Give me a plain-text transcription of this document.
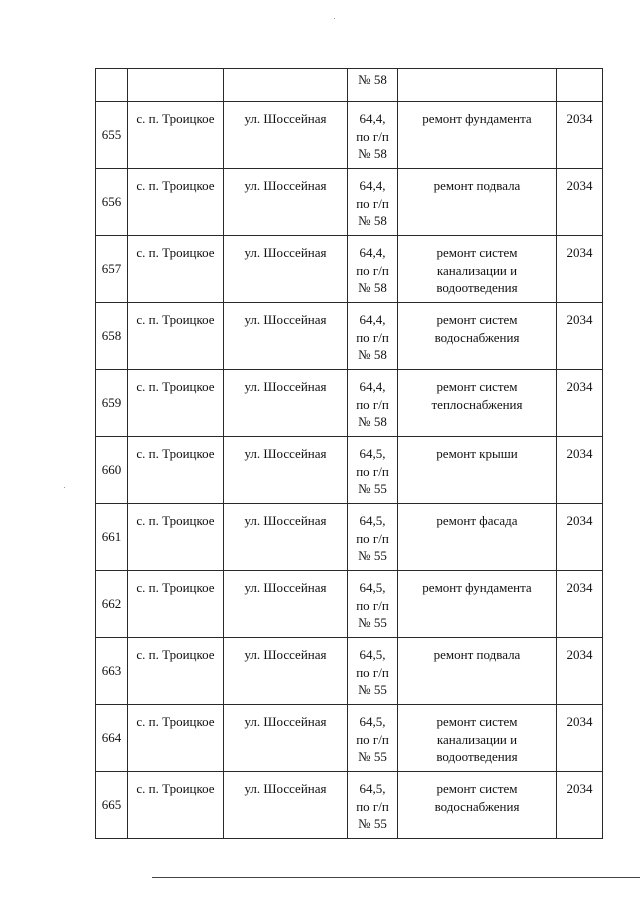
			№ 58		

655	с. п. Троицкое	ул. Шоссейная	64,4,
по г/п
№ 58	ремонт фундамента	2034

656	с. п. Троицкое	ул. Шоссейная	64,4,
по г/п
№ 58	ремонт подвала	2034

657	с. п. Троицкое	ул. Шоссейная	64,4,
по г/п
№ 58	ремонт систем
канализации и
водоотведения	2034

658	с. п. Троицкое	ул. Шоссейная	64,4,
по г/п
№ 58	ремонт систем
водоснабжения	2034

659	с. п. Троицкое	ул. Шоссейная	64,4,
по г/п
№ 58	ремонт систем
теплоснабжения	2034

660	с. п. Троицкое	ул. Шоссейная	64,5,
по г/п
№ 55	ремонт крыши	2034

661	с. п. Троицкое	ул. Шоссейная	64,5,
по г/п
№ 55	ремонт фасада	2034

662	с. п. Троицкое	ул. Шоссейная	64,5,
по г/п
№ 55	ремонт фундамента	2034

663	с. п. Троицкое	ул. Шоссейная	64,5,
по г/п
№ 55	ремонт подвала	2034

664	с. п. Троицкое	ул. Шоссейная	64,5,
по г/п
№ 55	ремонт систем
канализации и
водоотведения	2034

665	с. п. Троицкое	ул. Шоссейная	64,5,
по г/п
№ 55	ремонт систем
водоснабжения	2034
